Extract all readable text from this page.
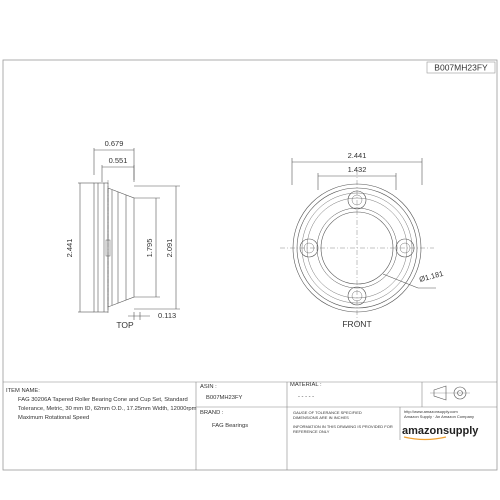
B007MH23FY
0.679
0.551
2.441	1.795 2.091
0.113
TOP
2.441
1.432
Ø1.181
FRONT
ITEM NAME:
FAG 30206A Tapered Roller Bearing Cone and Cup Set, Standard
Tolerance, Metric, 30 mm ID, 62mm O.D., 17.25mm Width, 12000rpm
Maximum Rotational Speed
ASIN :
B007MH23FY
MATERIAL :
- - - - -
BRAND :
FAG Bearings
GAUGE OF TOLERANCE SPECIFIED
DIMENSIONS ARE IN INCHES
INFORMATION IN THIS DRAWING IS PROVIDED FOR
REFERENCE ONLY
http://www.amazonsupply.com
Amazon Supply · An Amazon Company
amazonsupply
